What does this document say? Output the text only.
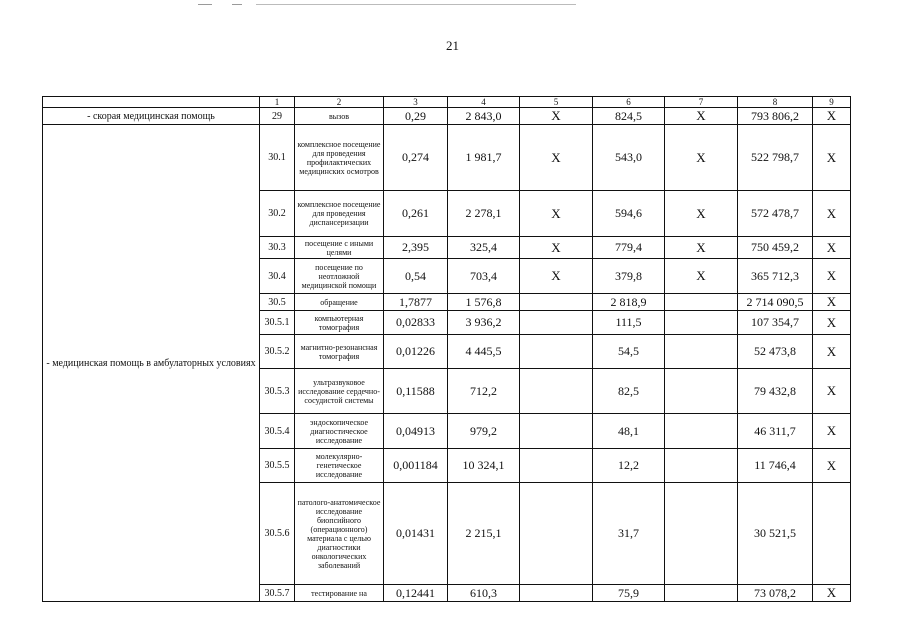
21
	1	2	3	4	5	6	7	8	9
- скорая медицинская помощь	29	вызов	0,29	2 843,0	X	824,5	X	793 806,2	X
- медицинская помощь в амбулаторных условиях	30.1	комплексное посещение для проведения профилактических медицинских осмотров	0,274	1 981,7	X	543,0	X	522 798,7	X
	30.2	комплексное посещение для проведения диспансеризации	0,261	2 278,1	X	594,6	X	572 478,7	X
	30.3	посещение с иными целями	2,395	325,4	X	779,4	X	750 459,2	X
	30.4	посещение по неотложной медицинской помощи	0,54	703,4	X	379,8	X	365 712,3	X
	30.5	обращение	1,7877	1 576,8		2 818,9		2 714 090,5	X
	30.5.1	компьютерная томография	0,02833	3 936,2		111,5		107 354,7	X
	30.5.2	магнитно-резонансная томография	0,01226	4 445,5		54,5		52 473,8	X
	30.5.3	ультразвуковое исследование сердечно-сосудистой системы	0,11588	712,2		82,5		79 432,8	X
	30.5.4	эндоскопическое диагностическое исследование	0,04913	979,2		48,1		46 311,7	X
	30.5.5	молекулярно-генетическое исследование	0,001184	10 324,1		12,2		11 746,4	X
	30.5.6	патолого-анатомическое исследование биопсийного (операционного) материала с целью диагностики онкологических заболеваний	0,01431	2 215,1		31,7		30 521,5	
	30.5.7	тестирование на	0,12441	610,3		75,9		73 078,2	X
